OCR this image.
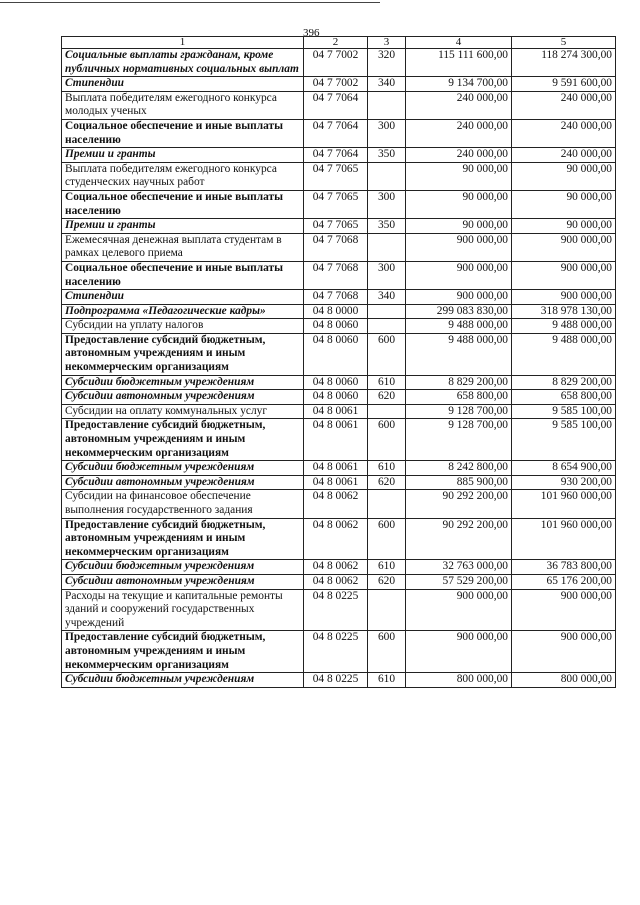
396
1	2	3	4	5
Социальные выплаты гражданам, кроме публичных нормативных социальных выплат	04 7 7002	320	115 111 600,00	118 274 300,00
Стипендии	04 7 7002	340	9 134 700,00	9 591 600,00
Выплата победителям ежегодного конкурса молодых ученых	04 7 7064		240 000,00	240 000,00
Социальное обеспечение и иные выплаты населению	04 7 7064	300	240 000,00	240 000,00
Премии и гранты	04 7 7064	350	240 000,00	240 000,00
Выплата победителям ежегодного конкурса студенческих научных работ	04 7 7065		90 000,00	90 000,00
Социальное обеспечение и иные выплаты населению	04 7 7065	300	90 000,00	90 000,00
Премии и гранты	04 7 7065	350	90 000,00	90 000,00
Ежемесячная денежная выплата студентам в рамках целевого приема	04 7 7068		900 000,00	900 000,00
Социальное обеспечение и иные выплаты населению	04 7 7068	300	900 000,00	900 000,00
Стипендии	04 7 7068	340	900 000,00	900 000,00
Подпрограмма «Педагогические кадры»	04 8 0000		299 083 830,00	318 978 130,00
Субсидии на уплату налогов	04 8 0060		9 488 000,00	9 488 000,00
Предоставление субсидий бюджетным, автономным учреждениям и иным некоммерческим организациям	04 8 0060	600	9 488 000,00	9 488 000,00
Субсидии бюджетным учреждениям	04 8 0060	610	8 829 200,00	8 829 200,00
Субсидии автономным учреждениям	04 8 0060	620	658 800,00	658 800,00
Субсидии на оплату коммунальных услуг	04 8 0061		9 128 700,00	9 585 100,00
Предоставление субсидий бюджетным, автономным учреждениям и иным некоммерческим организациям	04 8 0061	600	9 128 700,00	9 585 100,00
Субсидии бюджетным учреждениям	04 8 0061	610	8 242 800,00	8 654 900,00
Субсидии автономным учреждениям	04 8 0061	620	885 900,00	930 200,00
Субсидии на финансовое обеспечение выполнения государственного задания	04 8 0062		90 292 200,00	101 960 000,00
Предоставление субсидий бюджетным, автономным учреждениям и иным некоммерческим организациям	04 8 0062	600	90 292 200,00	101 960 000,00
Субсидии бюджетным учреждениям	04 8 0062	610	32 763 000,00	36 783 800,00
Субсидии автономным учреждениям	04 8 0062	620	57 529 200,00	65 176 200,00
Расходы на текущие и капитальные ремонты зданий и сооружений государственных учреждений	04 8 0225		900 000,00	900 000,00
Предоставление субсидий бюджетным, автономным учреждениям и иным некоммерческим организациям	04 8 0225	600	900 000,00	900 000,00
Субсидии бюджетным учреждениям	04 8 0225	610	800 000,00	800 000,00
